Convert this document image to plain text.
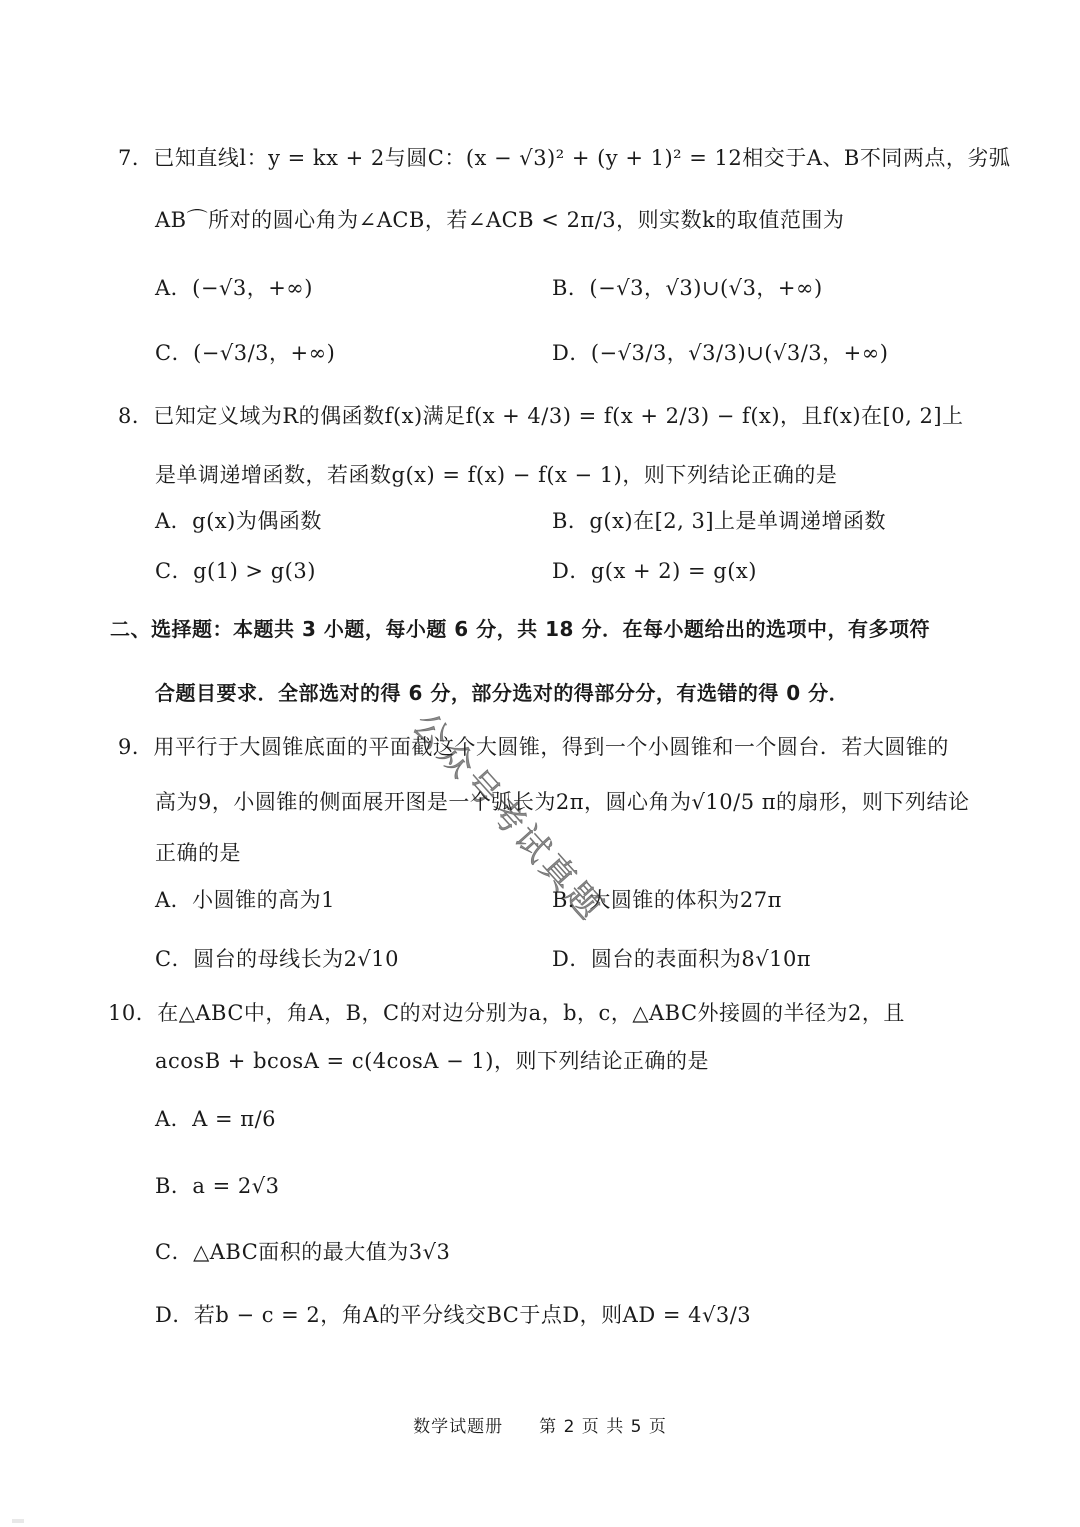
7．已知直线l：y = kx + 2与圆C：(x − √3)² + (y + 1)² = 12相交于A、B不同两点，劣弧
AB⌒所对的圆心角为∠ACB，若∠ACB < 2π/3，则实数k的取值范围为
A．(−√3，+∞)	B．(−√3，√3)∪(√3，+∞)
C．(−√3/3，+∞)	D．(−√3/3，√3/3)∪(√3/3，+∞)
8．已知定义域为R的偶函数f(x)满足f(x + 4/3) = f(x + 2/3) − f(x)，且f(x)在[0, 2]上
是单调递增函数，若函数g(x) = f(x) − f(x − 1)，则下列结论正确的是
A．g(x)为偶函数	B．g(x)在[2, 3]上是单调递增函数
C．g(1) > g(3)	D．g(x + 2) = g(x)
二、选择题：本题共 3 小题，每小题 6 分，共 18 分．在每小题给出的选项中，有多项符
合题目要求．全部选对的得 6 分，部分选对的得部分分，有选错的得 0 分．
9．用平行于大圆锥底面的平面截这个大圆锥，得到一个小圆锥和一个圆台．若大圆锥的
高为9，小圆锥的侧面展开图是一个弧长为2π，圆心角为√10/5 π的扇形，则下列结论
正确的是
A．小圆锥的高为1	B．大圆锥的体积为27π
C．圆台的母线长为2√10	D．圆台的表面积为8√10π
10．在△ABC中，角A，B，C的对边分别为a，b，c，△ABC外接圆的半径为2，且
acosB + bcosA = c(4cosA − 1)，则下列结论正确的是
A．A = π/6
B．a = 2√3
C．△ABC面积的最大值为3√3
D．若b − c = 2，角A的平分线交BC于点D，则AD = 4√3/3
数学试题册　　第 2 页 共 5 页
公众号考试真题
